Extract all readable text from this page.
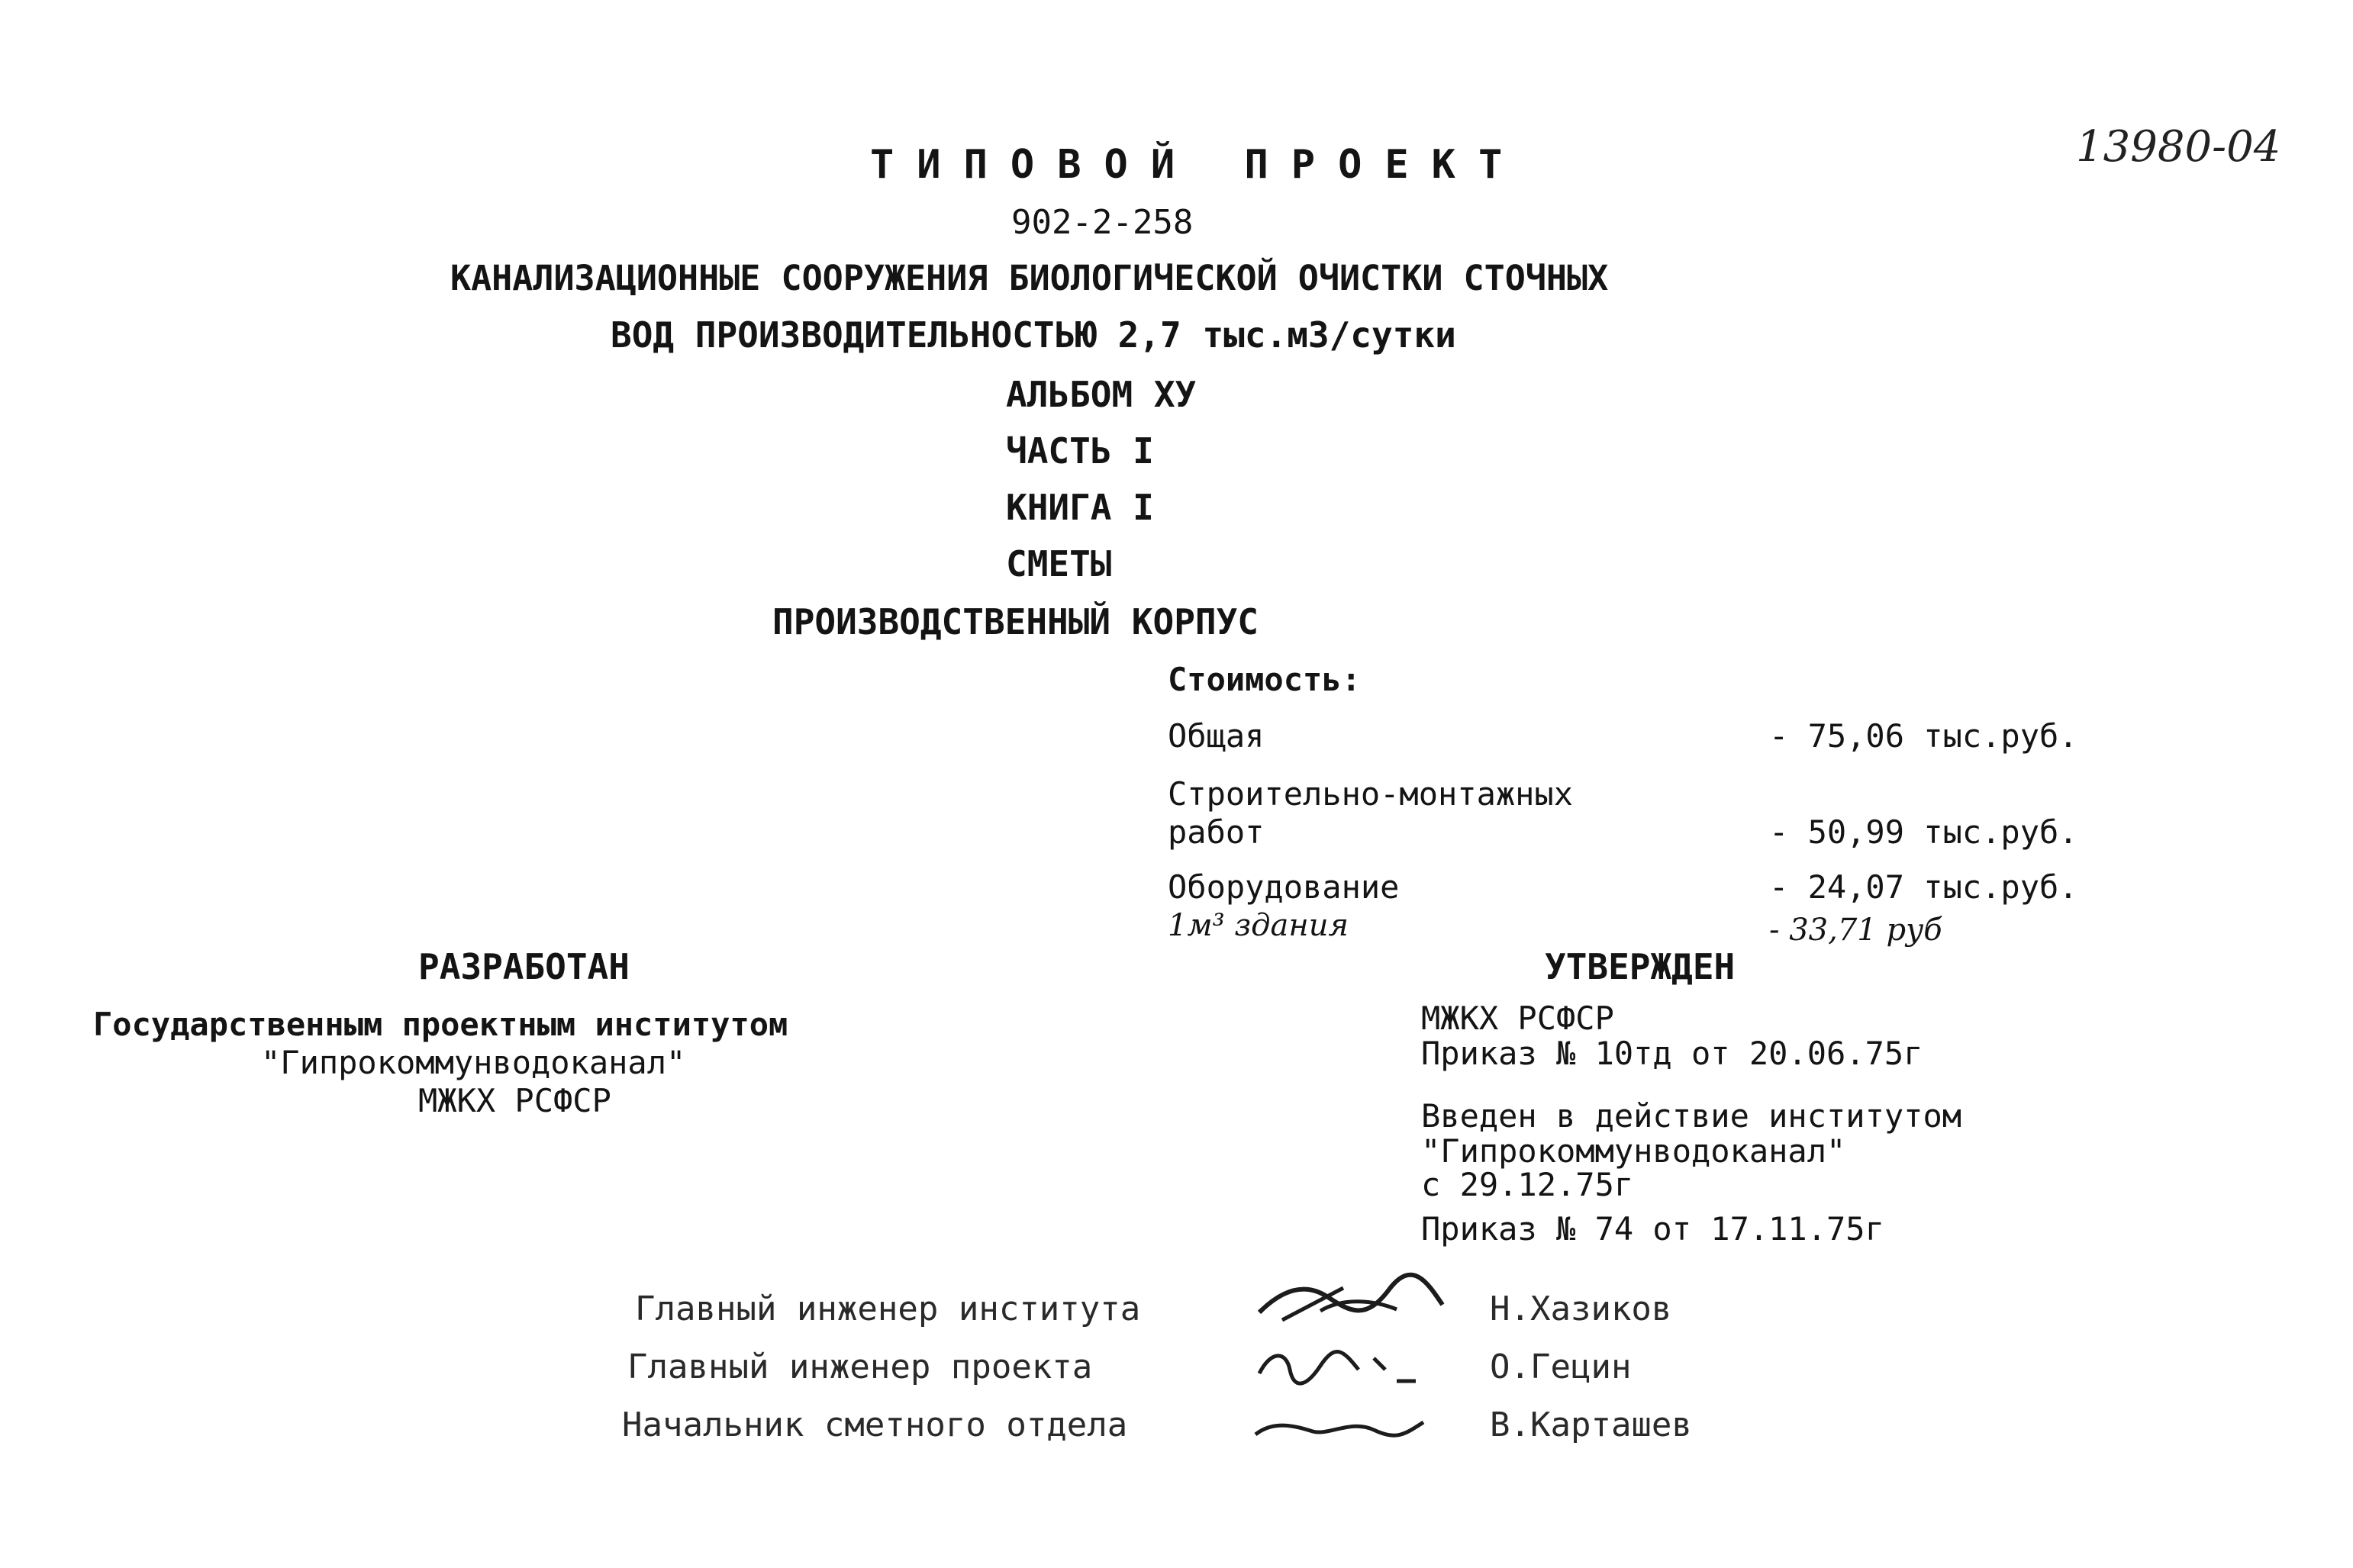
13980-04
ТИПОВОЙ ПРОЕКТ
902-2-258
КАНАЛИЗАЦИОННЫЕ СООРУЖЕНИЯ БИОЛОГИЧЕСКОЙ ОЧИСТКИ СТОЧНЫХ
ВОД ПРОИЗВОДИТЕЛЬНОСТЬЮ 2,7 тыс.м3/сутки
АЛЬБОМ ХУ
ЧАСТЬ I
КНИГА I
СМЕТЫ
ПРОИЗВОДСТВЕННЫЙ КОРПУС
Стоимость:
Общая	- 75,06 тыс.руб.
Строительно-монтажных
работ	- 50,99 тыс.руб.
Оборудование	- 24,07 тыс.руб.
1м³ здания	- 33,71 руб
РАЗРАБОТАН
Государственным проектным институтом
"Гипрокоммунводоканал"
МЖКХ РСФСР
УТВЕРЖДЕН
МЖКХ РСФСР
Приказ № 10тд от 20.06.75г
Введен в действие институтом
"Гипрокоммунводоканал"
с 29.12.75г
Приказ № 74 от 17.11.75г
Главный инженер института	Н.Хазиков
Главный инженер проекта	О.Гецин
Начальник сметного отдела	В.Карташев
